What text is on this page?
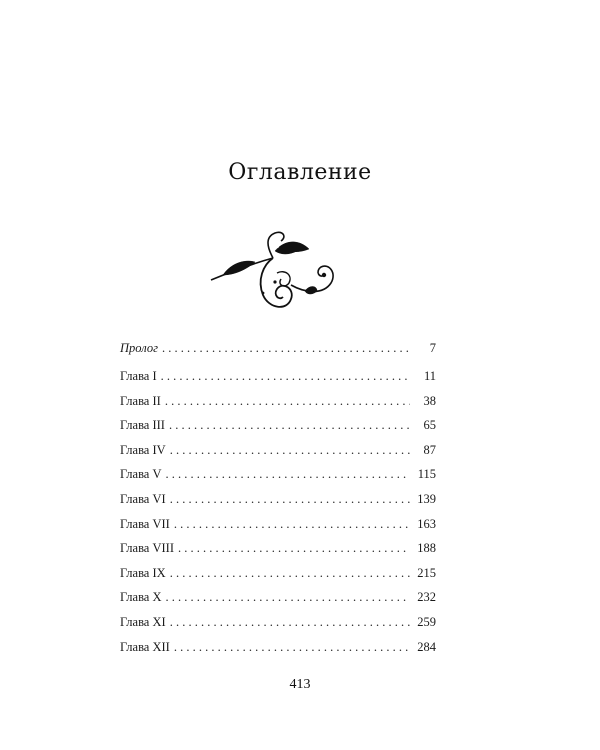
Оглавление
Пролог . . .	7
Глава I . . .	11
Глава II . . .	38
Глава III . . .	65
Глава IV . . .	87
Глава V . . .	115
Глава VI . . .	139
Глава VII . . .	163
Глава VIII . . .	188
Глава IX . . .	215
Глава X . . .	232
Глава XI . . .	259
Глава XII . . .	284
413
